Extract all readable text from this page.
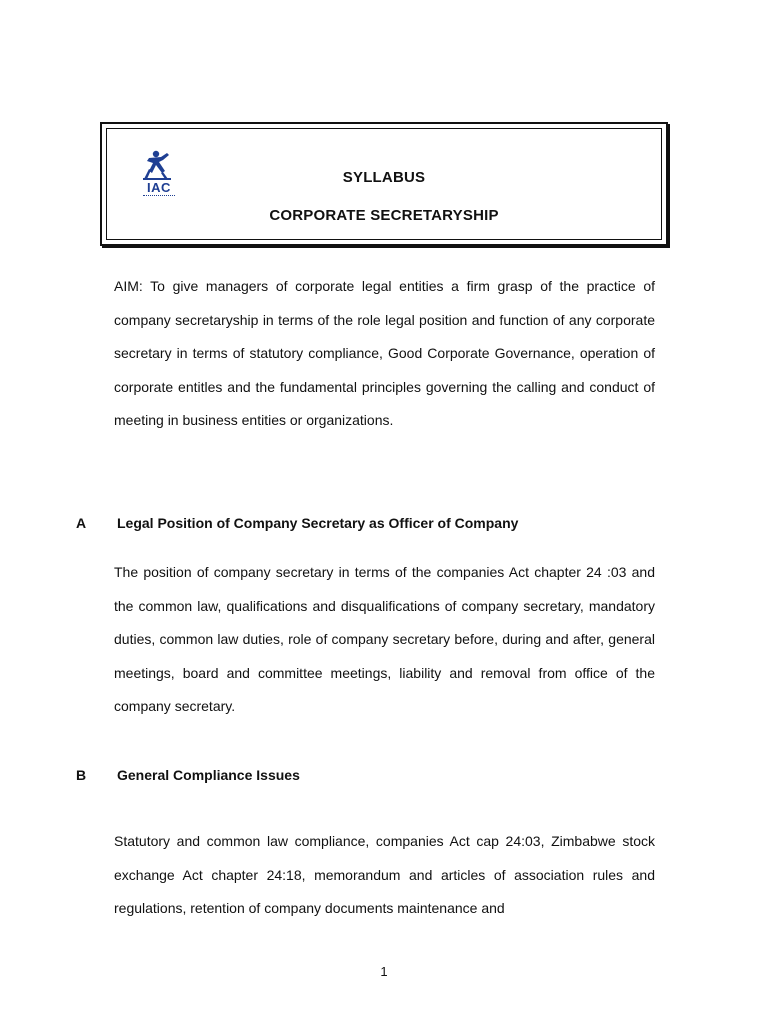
IAC
SYLLABUS
CORPORATE SECRETARYSHIP

AIM: To give managers of corporate legal entities a firm grasp of the practice of company secretaryship in terms of the role legal position and function of any corporate secretary in terms of statutory compliance, Good Corporate Governance, operation of corporate entitles and the fundamental principles governing the calling and conduct of meeting in business entities or organizations.

A Legal Position of Company Secretary as Officer of Company

The position of company secretary in terms of the companies Act chapter 24 :03 and the common law, qualifications and disqualifications of company secretary, mandatory duties, common law duties, role of company secretary before, during and after, general meetings, board and committee meetings, liability and removal from office of the company secretary.

B General Compliance Issues

Statutory and common law compliance, companies Act cap 24:03, Zimbabwe stock exchange Act chapter 24:18, memorandum and articles of association rules and regulations, retention of company documents maintenance and

1
